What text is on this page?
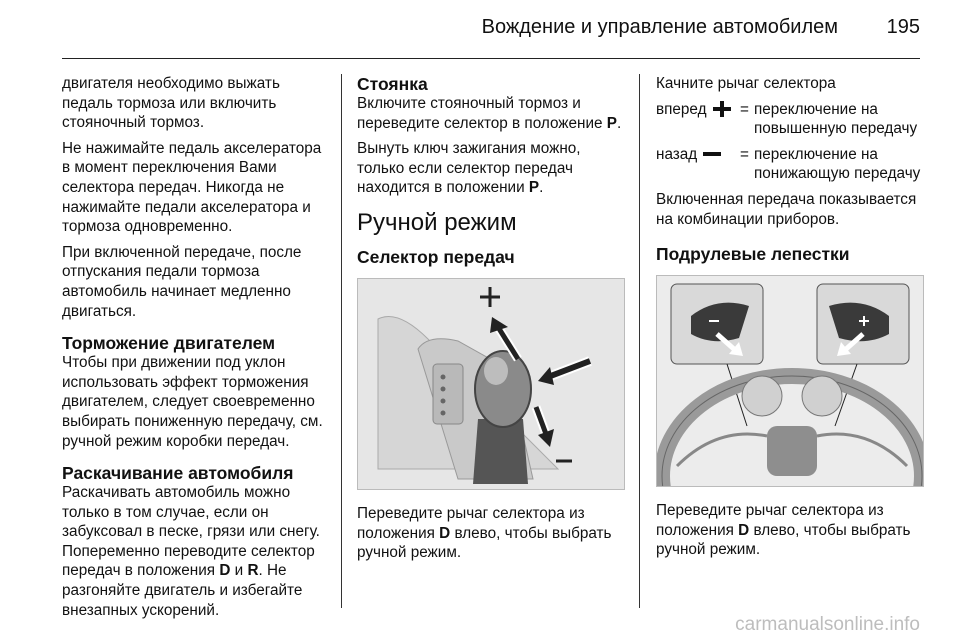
Вождение и управление автомобилем 195

двигателя необходимо выжать педаль тормоза или включить стояночный тормоз.

Не нажимайте педаль акселератора в момент переключения Вами селектора передач. Никогда не нажимайте педали акселератора и тормоза одновременно.

При включенной передаче, после отпускания педали тормоза автомобиль начинает медленно двигаться.

Торможение двигателем

Чтобы при движении под уклон использовать эффект торможения двигателем, следует своевременно выбирать пониженную передачу, см. ручной режим коробки передач.

Раскачивание автомобиля

Раскачивать автомобиль можно только в том случае, если он забуксовал в песке, грязи или снегу. Попеременно переводите селектор передач в положения D и R. Не разгоняйте двигатель и избегайте внезапных ускорений.

Стоянка

Включите стояночный тормоз и переведите селектор в положение P.

Вынуть ключ зажигания можно, только если селектор передач находится в положении P.

Ручной режим
Селектор передач

Переведите рычаг селектора из положения D влево, чтобы выбрать ручной режим.

Качните рычаг селектора

вперед = переключение на повышенную передачу
назад	= переключение на понижающую передачу

Включенная передача показывается на комбинации приборов.

Подрулевые лепестки

Переведите рычаг селектора из положения D влево, чтобы выбрать ручной режим.

carmanualsonline.info
